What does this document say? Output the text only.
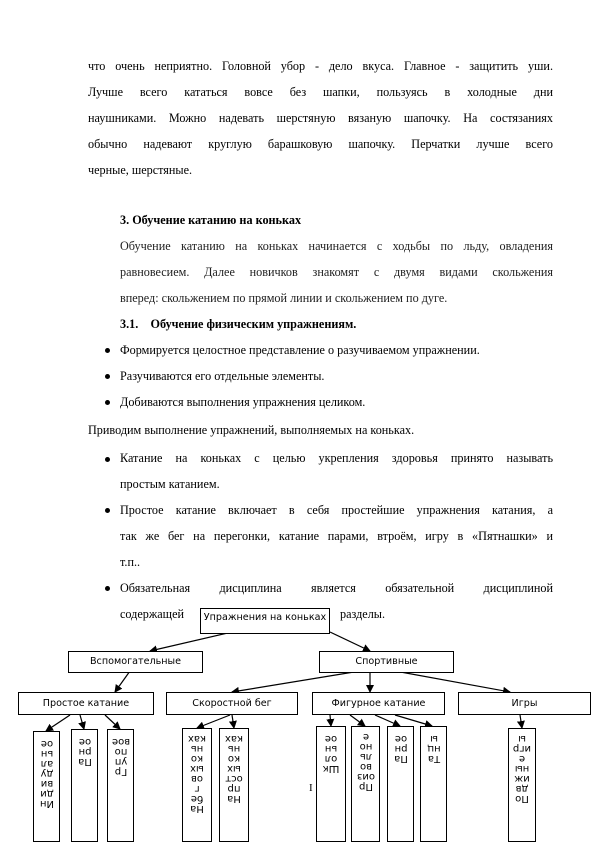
что очень неприятно. Головной убор - дело вкуса. Главное - защитить уши.
Лучше всего кататься вовсе без шапки, пользуясь в холодные дни
наушниками. Можно надевать шерстяную вязаную шапочку. На состязаниях
обычно надевают круглую барашковую шапочку. Перчатки лучше всего
черные, шерстяные.
3. Обучение катанию на коньках
Обучение катанию на коньках начинается с ходьбы по льду, овладения
равновесием. Далее новичков знакомят с двумя видами скольжения
вперед: скольжением по прямой линии и скольжением по дуге.
3.1.    Обучение физическим упражнениям.
Формируется целостное представление о разучиваемом упражнении.
Разучиваются его отдельные элементы.
Добиваются выполнения упражнения целиком.
Приводим выполнение упражнений, выполняемых на коньках.
Катание на коньках с целью укрепления здоровья принято называть
простым катанием.
Простое катание включает в себя простейшие упражнения катания, а
так же бег на перегонки, катание парами, втроём, игру в «Пятнашки» и
т.п..
Обязательная дисциплина является обязательной дисциплиной
содержащей	разделы.
Упражнения на коньках
Вспомогательные	Спортивные
Простое катание	Скоростной бег	Фигурное катание	Игры
Ин
ди
ви
ду
ал
ьн
ое
Па
рн
ое
Гр
уп
по
вое
На
бе
г
ов
ых
ко
нь
ках
На
пр
ост
ых
ко
нь
ках
I
Шк
ол
ьн
ое
Пр
оиз
во
ль
но
е
Па
рн
ое
Та
нц
ы
По
дв
иж
ны
е
игр
ы
